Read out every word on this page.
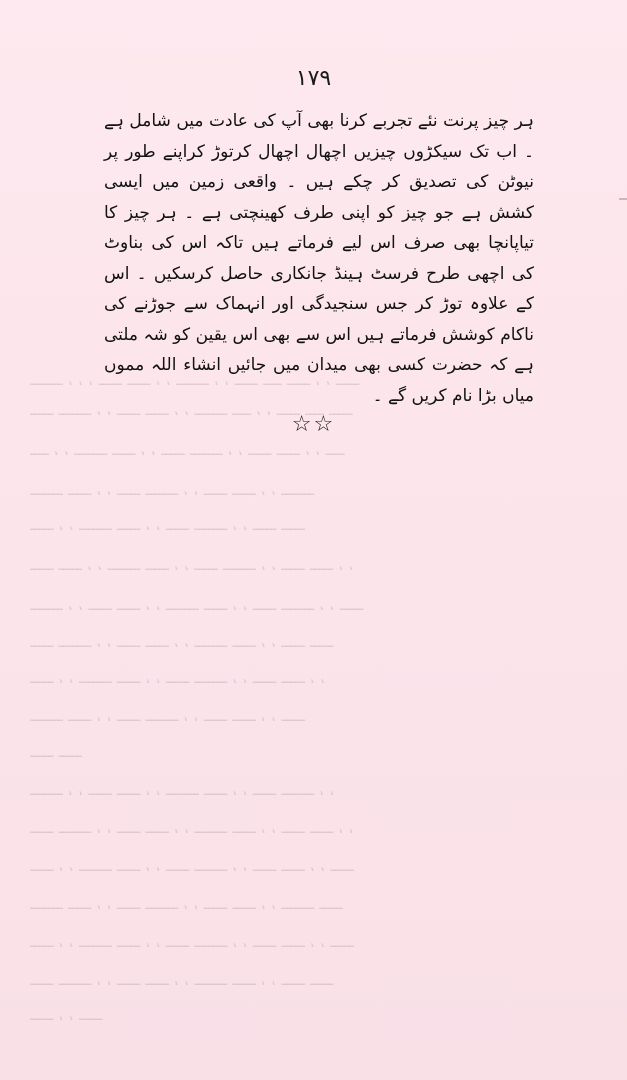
۱۷۹

ہر چیز پرنت نئے تجربے کرنا بھی آپ کی عادت میں شامل ہے ۔ اب تک سیکڑوں چیزیں اچھال اچھال کرتوڑ کراپنے طور پر نیوٹن کی تصدیق کر چکے ہیں ۔ واقعی زمین میں ایسی کشش ہے جو چیز کو اپنی طرف کھینچتی ہے ۔ ہر چیز کا تیاپانچا بھی صرف اس لیے فرماتے ہیں تاکہ اس کی بناوٹ کی اچھی طرح فرسٹ ہینڈ جانکاری حاصل کرسکیں ۔ اس کے علاوہ توڑ کر جس سنجیدگی اور انہماک سے جوڑنے کی ناکام کوشش فرماتے ہیں اس سے بھی اس یقین کو شہ ملتی ہے کہ حضرت کسی بھی میدان میں جائیں انشاء اللہ مموں میاں بڑا نام کریں گے ۔

☆☆
‎ـــــــ ، ، ، ـــــ ـــــ ، ، ـــــــ ، ، ـــــ ــــ ـــــ ، ، ـــــ
ـــــ ـــــــ ، ، ـــــ ـــــ ، ، ـــــــ ــــ ، ، ـــــ ــــ ـــــ
ــــ ، ، ـــــــ ـــــ ، ، ـــــ ـــــــ ، ، ـــــ ـــــ ، ، ــــ
ـــــــ ـــــ ، ، ـــــ ـــــــ ، ، ـــــ ـــــ ، ، ـــــــ
ـــــ ، ، ـــــــ ـــــ ، ، ـــــ ـــــــ ، ، ـــــ ـــــ
ـــــ ـــــ ، ، ـــــــ ـــــ ، ، ـــــ ـــــــ ، ، ـــــ ـــــ ، ،
ـــــــ ، ، ـــــ ـــــ ، ، ـــــــ ـــــ ، ، ـــــ ـــــــ ، ، ـــــ
ـــــ ـــــــ ، ، ـــــ ـــــ ، ، ـــــــ ـــــ ، ، ـــــ ـــــ
ـــــ ، ، ـــــــ ـــــ ، ، ـــــ ـــــــ ، ، ـــــ ـــــ ، ،
ـــــــ ـــــ ، ، ـــــ ـــــــ ، ، ـــــ ـــــ ، ، ـــــ
ـــــ ـــــ
ـــــــ ، ، ـــــ ـــــ ، ، ـــــــ ـــــ ، ، ـــــ ـــــــ ، ،
ـــــ ـــــــ ، ، ـــــ ـــــ ، ، ـــــــ ـــــ ، ، ـــــ ـــــ ، ،
ـــــ ، ، ـــــــ ـــــ ، ، ـــــ ـــــــ ، ، ـــــ ـــــ ، ، ـــــ
ـــــــ ـــــ ، ، ـــــ ـــــــ ، ، ـــــ ـــــ ، ، ـــــــ ـــــ
ـــــ ، ، ـــــــ ـــــ ، ، ـــــ ـــــــ ، ، ـــــ ـــــ ، ، ـــــ
ـــــ ـــــــ ، ، ـــــ ـــــ ، ، ـــــــ ـــــ ، ، ـــــ ـــــ
ـــــ ، ، ـــــ
